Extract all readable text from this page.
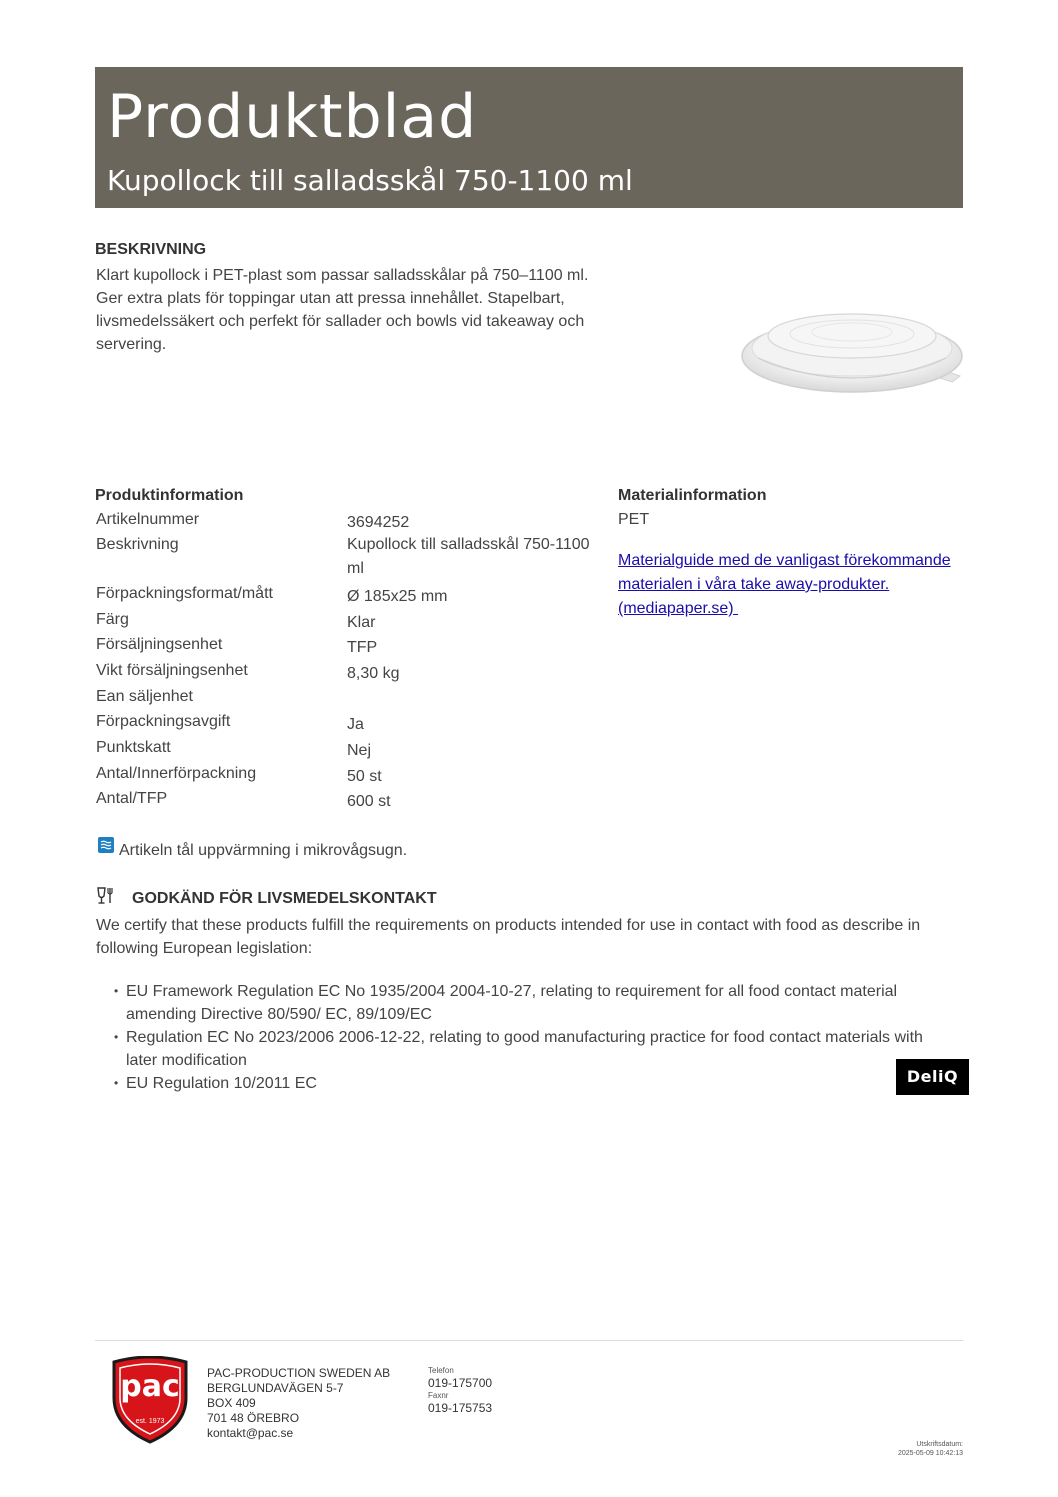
Produktblad
Kupollock till salladsskål 750-1100 ml
BESKRIVNING
Klart kupollock i PET-plast som passar salladsskålar på 750–1100 ml.
Ger extra plats för toppingar utan att pressa innehållet. Stapelbart,
livsmedelssäkert och perfekt för sallader och bowls vid takeaway och
servering.
Produktinformation
Artikelnummer	3694252
Beskrivning	Kupollock till salladsskål 750-1100 ml
Förpackningsformat/mått	Ø 185x25 mm
Färg	Klar
Försäljningsenhet	TFP
Vikt försäljningsenhet	8,30 kg
Ean säljenhet
Förpackningsavgift	Ja
Punktskatt	Nej
Antal/Innerförpackning	50 st
Antal/TFP	600 st
Materialinformation
PET
Materialguide med de vanligast förekommande
materialen i våra take away-produkter.
(mediapaper.se)
Artikeln tål uppvärmning i mikrovågsugn.
GODKÄND FÖR LIVSMEDELSKONTAKT
We certify that these products fulfill the requirements on products intended for use in contact with food as describe in
following European legislation:
• EU Framework Regulation EC No 1935/2004 2004-10-27, relating to requirement for all food contact material amending Directive 80/590/ EC, 89/109/EC
• Regulation EC No 2023/2006 2006-12-22, relating to good manufacturing practice for food contact materials with later modification
• EU Regulation 10/2011 EC	DeliQ
pac
est. 1973
PAC-PRODUCTION SWEDEN AB
BERGLUNDAVÄGEN 5-7
BOX 409
701 48 ÖREBRO
kontakt@pac.se
Telefon
019-175700
Faxnr
019-175753
Utskriftsdatum:
2025-05-09 10:42:13
